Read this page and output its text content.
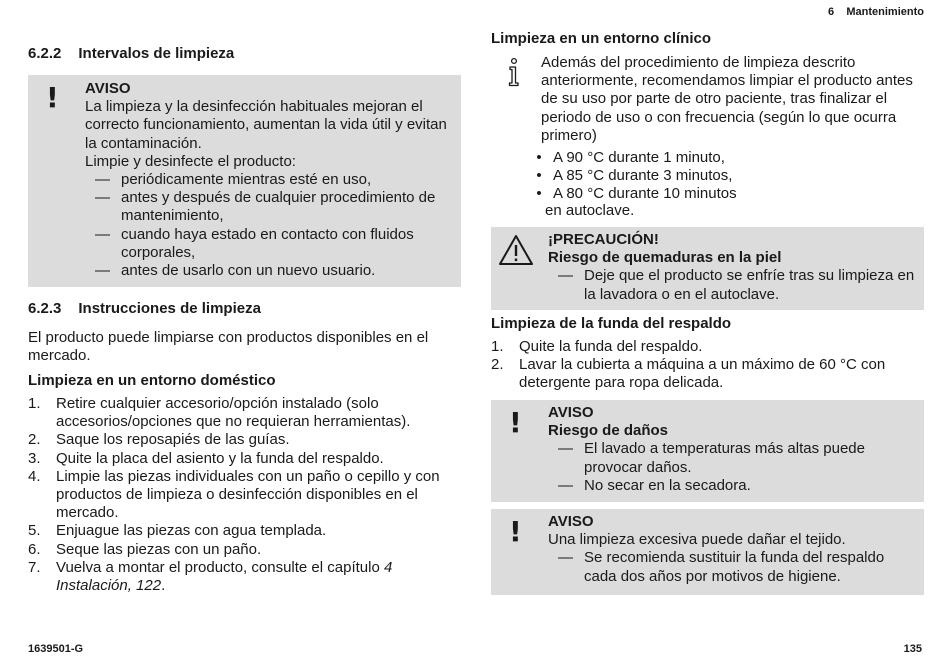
6 Mantenimiento
6.2.2 Intervalos de limpieza
! AVISO
La limpieza y la desinfección habituales mejoran el correcto funcionamiento, aumentan la vida útil y evitan la contaminación.
Limpie y desinfecte el producto:
— periódicamente mientras esté en uso,
— antes y después de cualquier procedimiento de mantenimiento,
— cuando haya estado en contacto con fluidos corporales,
— antes de usarlo con un nuevo usuario.
6.2.3 Instrucciones de limpieza
El producto puede limpiarse con productos disponibles en el mercado.
Limpieza en un entorno doméstico
1.	Retire cualquier accesorio/opción instalado (solo accesorios/opciones que no requieran herramientas).
2.	Saque los reposapiés de las guías.
3.	Quite la placa del asiento y la funda del respaldo.
4.	Limpie las piezas individuales con un paño o cepillo y con productos de limpieza o desinfección disponibles en el mercado.
5.	Enjuague las piezas con agua templada.
6.	Seque las piezas con un paño.
7.	Vuelva a montar el producto, consulte el capítulo 4 Instalación, 122.
Limpieza en un entorno clínico
Además del procedimiento de limpieza descrito anteriormente, recomendamos limpiar el producto antes de su uso por parte de otro paciente, tras finalizar el periodo de uso o con frecuencia (según lo que ocurra primero)
• A 90 °C durante 1 minuto,
• A 85 °C durante 3 minutos,
• A 80 °C durante 10 minutos
en autoclave.
¡PRECAUCIÓN!
Riesgo de quemaduras en la piel
— Deje que el producto se enfríe tras su limpieza en la lavadora o en el autoclave.
Limpieza de la funda del respaldo
1.	Quite la funda del respaldo.
2.	Lavar la cubierta a máquina a un máximo de 60 °C con detergente para ropa delicada.
! AVISO
Riesgo de daños
— El lavado a temperaturas más altas puede provocar daños.
— No secar en la secadora.
! AVISO
Una limpieza excesiva puede dañar el tejido.
— Se recomienda sustituir la funda del respaldo cada dos años por motivos de higiene.
1639501-G	135
